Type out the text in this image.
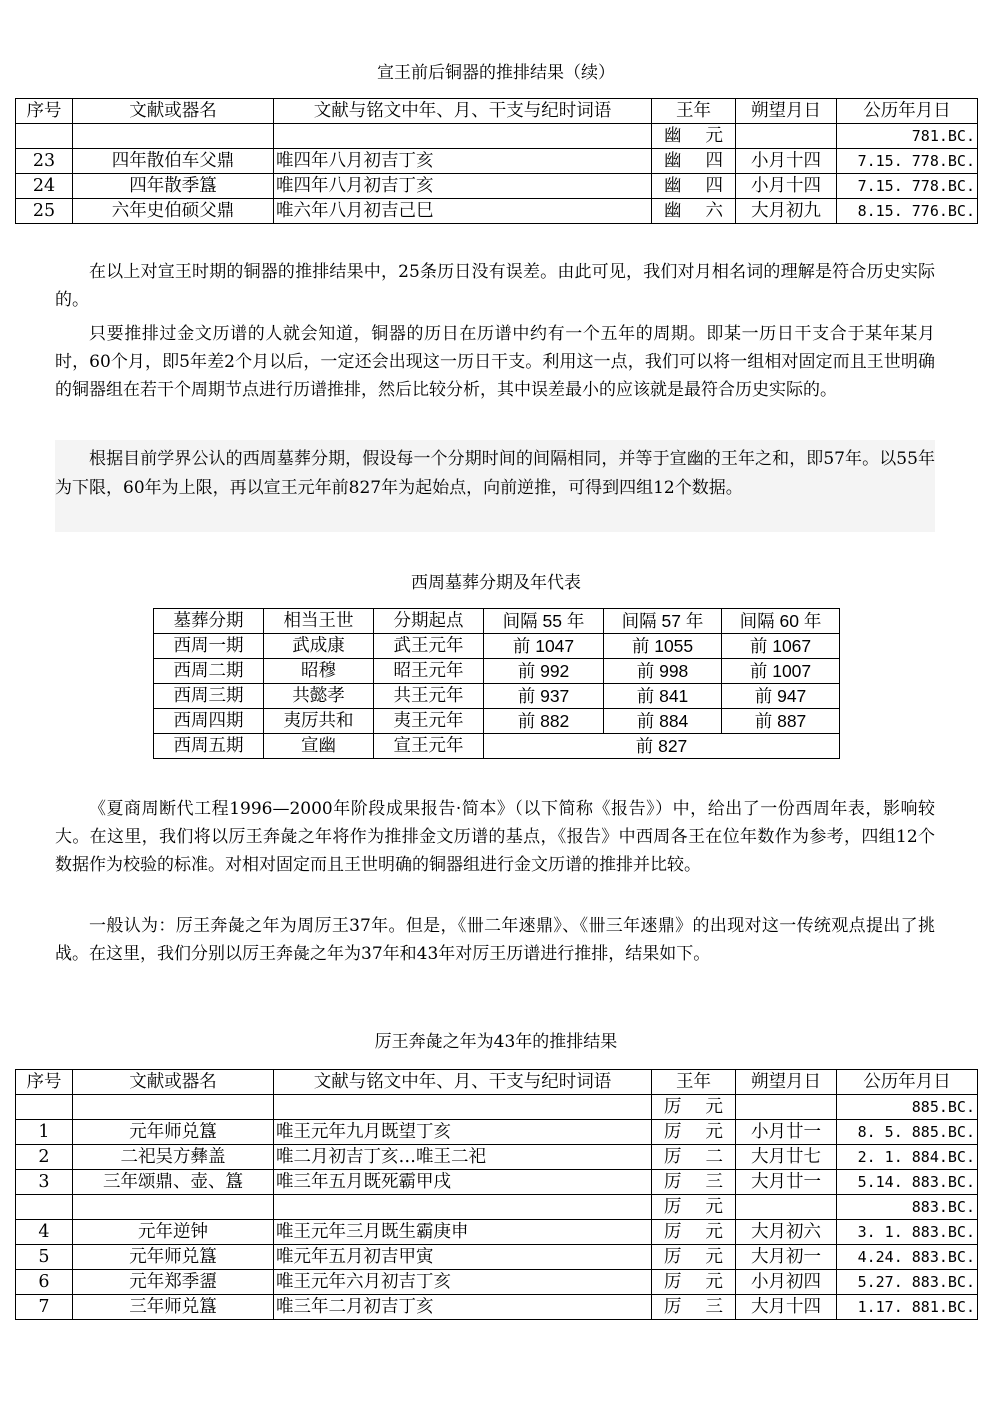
宣王前后铜器的推排结果（续）
序号	文献或器名	文献与铭文中年、月、干支与纪时词语	王年	朔望月日	公历年月日
			幽 元		781.BC.
23	四年散伯车父鼎	唯四年八月初吉丁亥	幽 四	小月十四	7.15. 778.BC.
24	四年散季簋	唯四年八月初吉丁亥	幽 四	小月十四	7.15. 778.BC.
25	六年史伯硕父鼎	唯六年八月初吉己巳	幽 六	大月初九	8.15. 776.BC.

在以上对宣王时期的铜器的推排结果中，25条历日没有误差。由此可见，我们对月相名词的理解是符合历史实际的。

只要推排过金文历谱的人就会知道，铜器的历日在历谱中约有一个五年的周期。即某一历日干支合于某年某月时，60个月，即5年差2个月以后，一定还会出现这一历日干支。利用这一点，我们可以将一组相对固定而且王世明确的铜器组在若干个周期节点进行历谱推排，然后比较分析，其中误差最小的应该就是最符合历史实际的。

根据目前学界公认的西周墓葬分期，假设每一个分期时间的间隔相同，并等于宣幽的王年之和，即57年。以55年为下限，60年为上限，再以宣王元年前827年为起始点，向前逆推，可得到四组12个数据。

西周墓葬分期及年代表
墓葬分期	相当王世	分期起点	间隔 55 年	间隔 57 年	间隔 60 年
西周一期	武成康	武王元年	前 1047	前 1055	前 1067
西周二期	昭穆	昭王元年	前 992	前 998	前 1007
西周三期	共懿孝	共王元年	前 937	前 841	前 947
西周四期	夷厉共和	夷王元年	前 882	前 884	前 887
西周五期	宣幽	宣王元年	前 827		

《夏商周断代工程1996—2000年阶段成果报告·简本》（以下简称《报告》）中，给出了一份西周年表，影响较大。在这里，我们将以厉王奔彘之年将作为推排金文历谱的基点，《报告》中西周各王在位年数作为参考，四组12个数据作为校验的标准。对相对固定而且王世明确的铜器组进行金文历谱的推排并比较。

一般认为：厉王奔彘之年为周厉王37年。但是，《卌二年逨鼎》、《卌三年逨鼎》的出现对这一传统观点提出了挑战。在这里，我们分别以厉王奔彘之年为37年和43年对厉王历谱进行推排，结果如下。

厉王奔彘之年为43年的推排结果
序号	文献或器名	文献与铭文中年、月、干支与纪时词语	王年	朔望月日	公历年月日
			厉 元		885.BC.
1	元年师兑簋	唯王元年九月既望丁亥	厉 元	小月廿一	8. 5. 885.BC.
2	二祀吴方彝盖	唯二月初吉丁亥…唯王二祀	厉 二	大月廿七	2. 1. 884.BC.
3	三年颂鼎、壶、簋	唯三年五月既死霸甲戌	厉 三	大月廿一	5.14. 883.BC.
			厉 元		883.BC.
4	元年逆钟	唯王元年三月既生霸庚申	厉 元	大月初六	3. 1. 883.BC.
5	元年师兑簋	唯元年五月初吉甲寅	厉 元	大月初一	4.24. 883.BC.
6	元年郑季盨	唯王元年六月初吉丁亥	厉 元	小月初四	5.27. 883.BC.
7	三年师兑簋	唯三年二月初吉丁亥	厉 三	大月十四	1.17. 881.BC.
